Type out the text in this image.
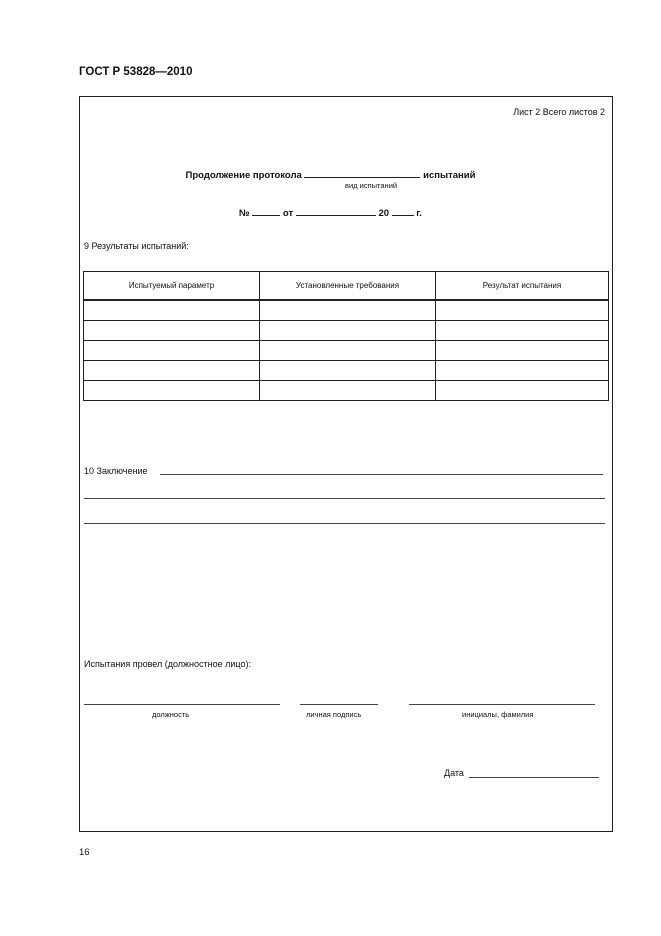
ГОСТ Р 53828—2010
Лист 2 Всего листов 2
Продолжение протокола	испытаний
вид испытаний
№	от	20	г.
9 Результаты испытаний:
Испытуемый параметр	Установленные требования	Результат испытания

10 Заключение
Испытания провел (должностное лицо):
должность	личная подпись	инициалы, фамилия
Дата
16
